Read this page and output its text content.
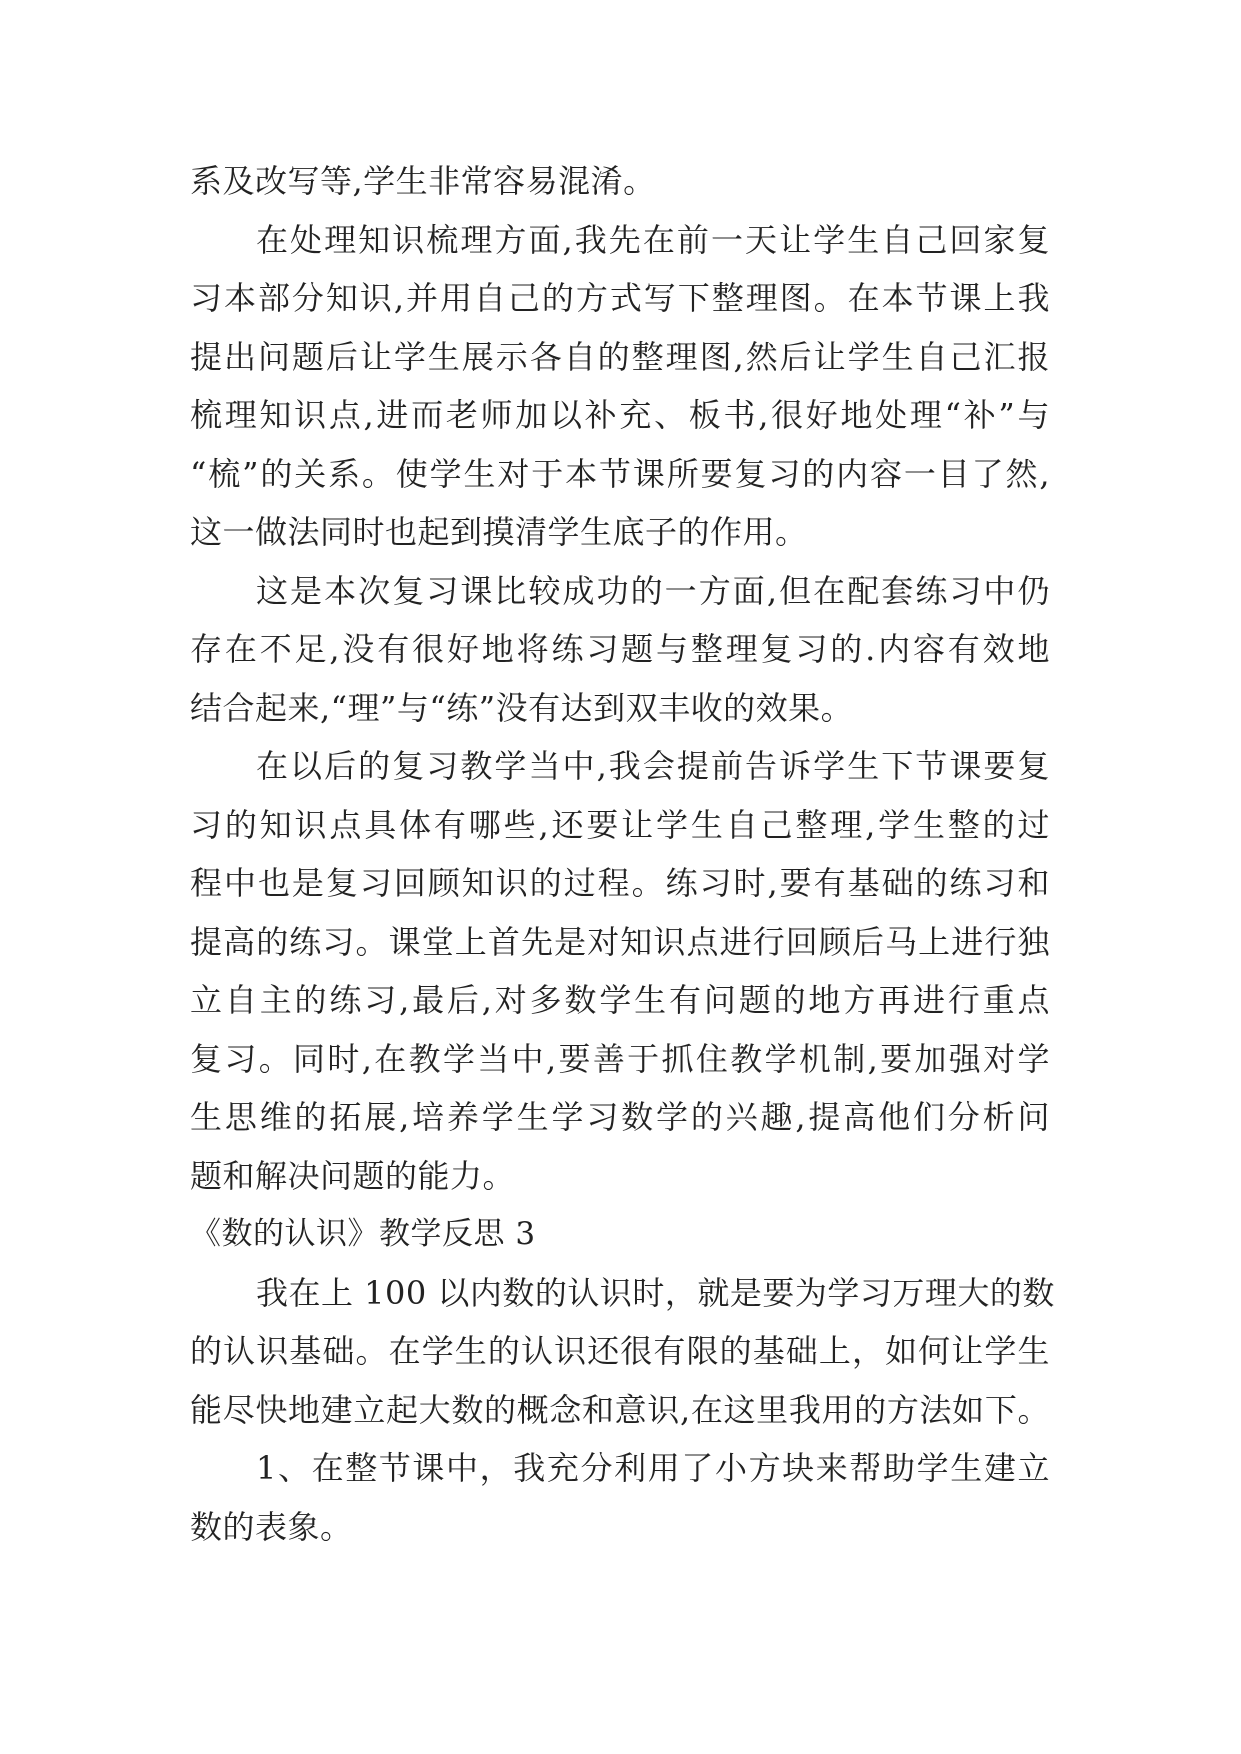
系及改写等,学生非常容易混淆。
在处理知识梳理方面,我先在前一天让学生自己回家复
习本部分知识,并用自己的方式写下整理图。在本节课上我
提出问题后让学生展示各自的整理图,然后让学生自己汇报
梳理知识点,进而老师加以补充、板书,很好地处理“补”与
“梳”的关系。使学生对于本节课所要复习的内容一目了然,
这一做法同时也起到摸清学生底子的作用。
这是本次复习课比较成功的一方面,但在配套练习中仍
存在不足,没有很好地将练习题与整理复习的.内容有效地
结合起来,“理”与“练”没有达到双丰收的效果。
在以后的复习教学当中,我会提前告诉学生下节课要复
习的知识点具体有哪些,还要让学生自己整理,学生整的过
程中也是复习回顾知识的过程。练习时,要有基础的练习和
提高的练习。课堂上首先是对知识点进行回顾后马上进行独
立自主的练习,最后,对多数学生有问题的地方再进行重点
复习。同时,在教学当中,要善于抓住教学机制,要加强对学
生思维的拓展,培养学生学习数学的兴趣,提高他们分析问
题和解决问题的能力。
《数的认识》教学反思 3
我在上 100 以内数的认识时，就是要为学习万理大的数
的认识基础。在学生的认识还很有限的基础上，如何让学生
能尽快地建立起大数的概念和意识,在这里我用的方法如下。
1、在整节课中，我充分利用了小方块来帮助学生建立
数的表象。
